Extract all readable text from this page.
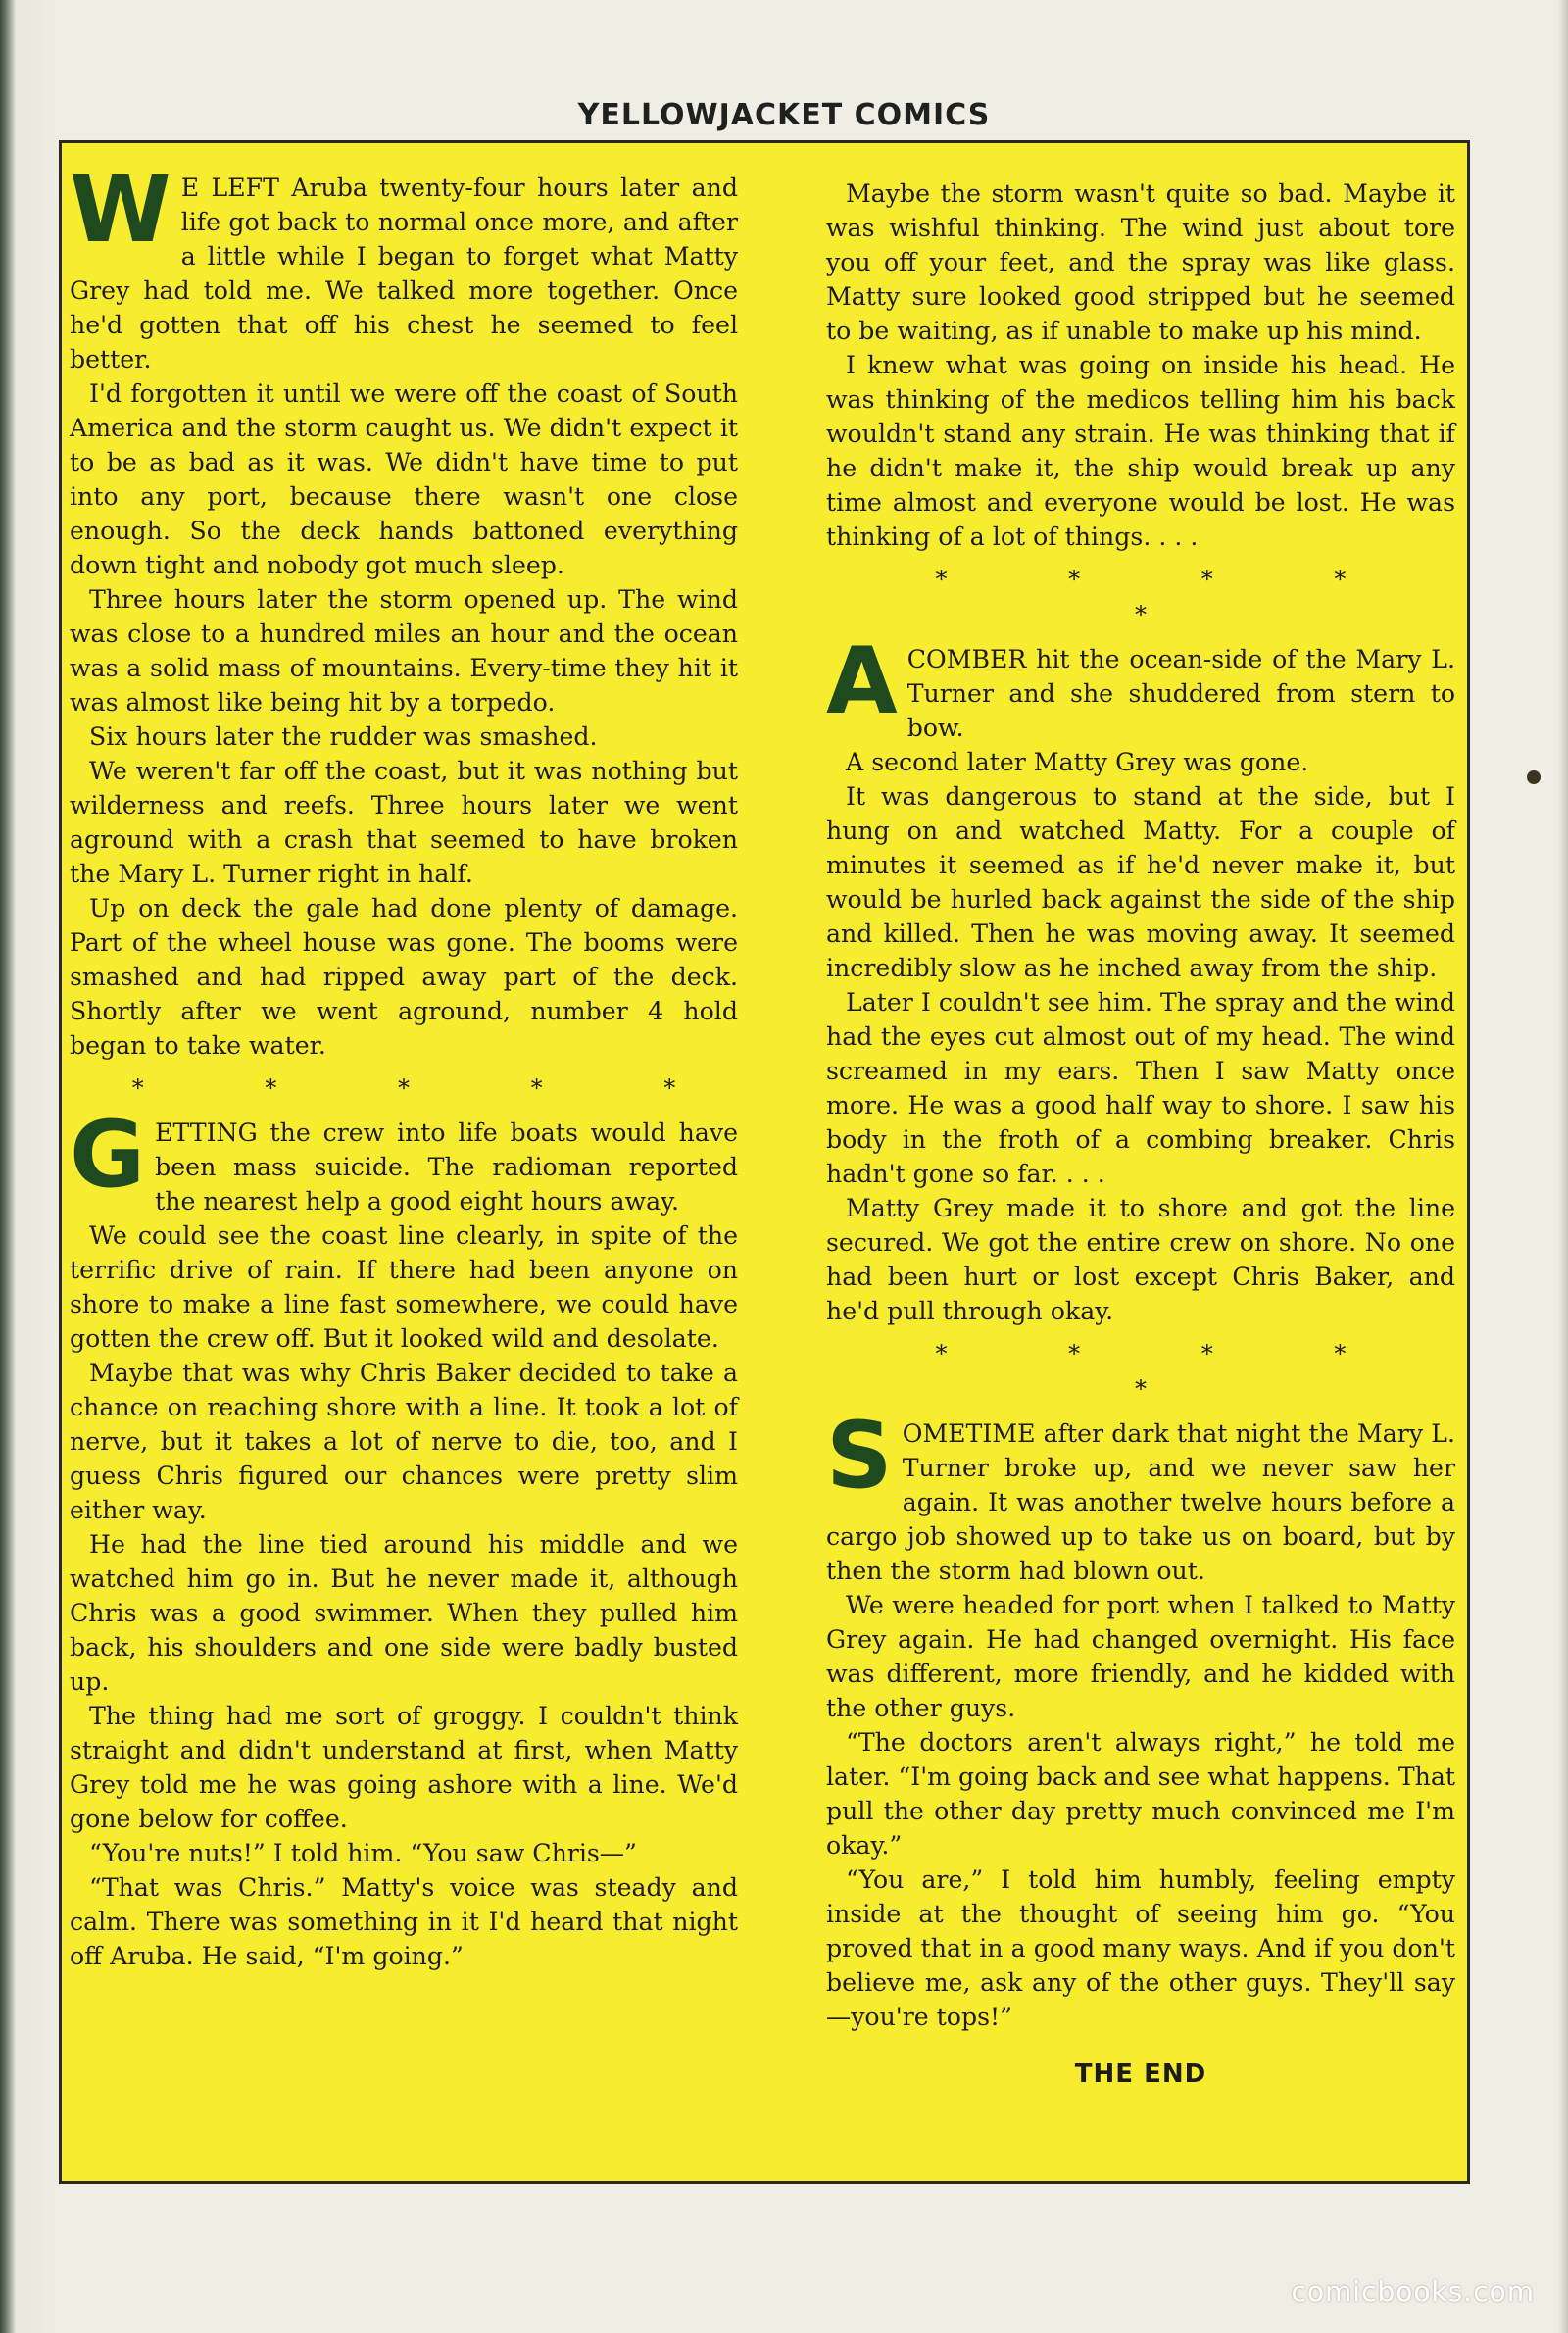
YELLOWJACKET COMICS
W E LEFT Aruba twenty-four hours later and life got back to normal once more, and after a little while I began to forget what Matty Grey had told me. We talked more together. Once he'd gotten that off his chest he seemed to feel better.

I'd forgotten it until we were off the coast of South America and the storm caught us. We didn't expect it to be as bad as it was. We didn't have time to put into any port, because there wasn't one close enough. So the deck hands battoned everything down tight and nobody got much sleep.

Three hours later the storm opened up. The wind was close to a hundred miles an hour and the ocean was a solid mass of mountains. Every-time they hit it was almost like being hit by a torpedo.

Six hours later the rudder was smashed.

We weren't far off the coast, but it was nothing but wilderness and reefs. Three hours later we went aground with a crash that seemed to have broken the Mary L. Turner right in half.

Up on deck the gale had done plenty of damage. Part of the wheel house was gone. The booms were smashed and had ripped away part of the deck. Shortly after we went aground, number 4 hold began to take water.

* * * * *
G ETTING the crew into life boats would have been mass suicide. The radioman reported the nearest help a good eight hours away.

We could see the coast line clearly, in spite of the terrific drive of rain. If there had been anyone on shore to make a line fast somewhere, we could have gotten the crew off. But it looked wild and desolate.

Maybe that was why Chris Baker decided to take a chance on reaching shore with a line. It took a lot of nerve, but it takes a lot of nerve to die, too, and I guess Chris figured our chances were pretty slim either way.

He had the line tied around his middle and we watched him go in. But he never made it, although Chris was a good swimmer. When they pulled him back, his shoulders and one side were badly busted up.

The thing had me sort of groggy. I couldn't think straight and didn't understand at first, when Matty Grey told me he was going ashore with a line. We'd gone below for coffee.

“You're nuts!” I told him. “You saw Chris—”

“That was Chris.” Matty's voice was steady and calm. There was something in it I'd heard that night off Aruba. He said, “I'm going.”

Maybe the storm wasn't quite so bad. Maybe it was wishful thinking. The wind just about tore you off your feet, and the spray was like glass. Matty sure looked good stripped but he seemed to be waiting, as if unable to make up his mind.

I knew what was going on inside his head. He was thinking of the medicos telling him his back wouldn't stand any strain. He was thinking that if he didn't make it, the ship would break up any time almost and everyone would be lost. He was thinking of a lot of things. . . .

* * * * *
A COMBER hit the ocean-side of the Mary L. Turner and she shuddered from stern to bow.

A second later Matty Grey was gone.

It was dangerous to stand at the side, but I hung on and watched Matty. For a couple of minutes it seemed as if he'd never make it, but would be hurled back against the side of the ship and killed. Then he was moving away. It seemed incredibly slow as he inched away from the ship.

Later I couldn't see him. The spray and the wind had the eyes cut almost out of my head. The wind screamed in my ears. Then I saw Matty once more. He was a good half way to shore. I saw his body in the froth of a combing breaker. Chris hadn't gone so far. . . .

Matty Grey made it to shore and got the line secured. We got the entire crew on shore. No one had been hurt or lost except Chris Baker, and he'd pull through okay.

* * * * *
S OMETIME after dark that night the Mary L. Turner broke up, and we never saw her again. It was another twelve hours before a cargo job showed up to take us on board, but by then the storm had blown out.

We were headed for port when I talked to Matty Grey again. He had changed overnight. His face was different, more friendly, and he kidded with the other guys.

“The doctors aren't always right,” he told me later. “I'm going back and see what happens. That pull the other day pretty much convinced me I'm okay.”

“You are,” I told him humbly, feeling empty inside at the thought of seeing him go. “You proved that in a good many ways. And if you don't believe me, ask any of the other guys. They'll say—you're tops!”

THE END
comicbooks.com
